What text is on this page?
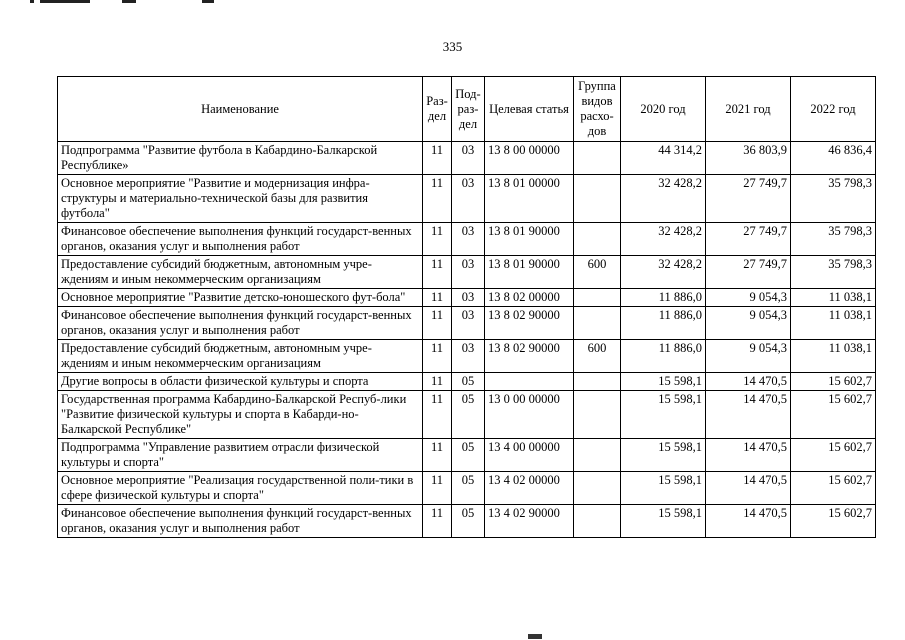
335
Наименование	Раз-дел	Под-раз-дел	Целевая статья	Группа видов расхо-дов	2020 год	2021 год	2022 год
Подпрограмма "Развитие футбола в Кабардино-Балкарской Республике»	11	03	13 8 00 00000		44 314,2	36 803,9	46 836,4
Основное мероприятие "Развитие и модернизация инфра-структуры и материально-технической базы для развития футбола"	11	03	13 8 01 00000		32 428,2	27 749,7	35 798,3
Финансовое обеспечение выполнения функций государст-венных органов, оказания услуг и выполнения работ	11	03	13 8 01 90000		32 428,2	27 749,7	35 798,3
Предоставление субсидий бюджетным, автономным учре-ждениям и иным некоммерческим организациям	11	03	13 8 01 90000	600	32 428,2	27 749,7	35 798,3
Основное мероприятие "Развитие детско-юношеского фут-бола"	11	03	13 8 02 00000		11 886,0	9 054,3	11 038,1
Финансовое обеспечение выполнения функций государст-венных органов, оказания услуг и выполнения работ	11	03	13 8 02 90000		11 886,0	9 054,3	11 038,1
Предоставление субсидий бюджетным, автономным учре-ждениям и иным некоммерческим организациям	11	03	13 8 02 90000	600	11 886,0	9 054,3	11 038,1
Другие вопросы в области физической культуры и спорта	11	05			15 598,1	14 470,5	15 602,7
Государственная программа Кабардино-Балкарской Респуб-лики "Развитие физической культуры и спорта в Кабарди-но-Балкарской Республике"	11	05	13 0 00 00000		15 598,1	14 470,5	15 602,7
Подпрограмма "Управление развитием отрасли физической культуры и спорта"	11	05	13 4 00 00000		15 598,1	14 470,5	15 602,7
Основное мероприятие "Реализация государственной поли-тики в сфере физической культуры и спорта"	11	05	13 4 02 00000		15 598,1	14 470,5	15 602,7
Финансовое обеспечение выполнения функций государст-венных органов, оказания услуг и выполнения работ	11	05	13 4 02 90000		15 598,1	14 470,5	15 602,7
